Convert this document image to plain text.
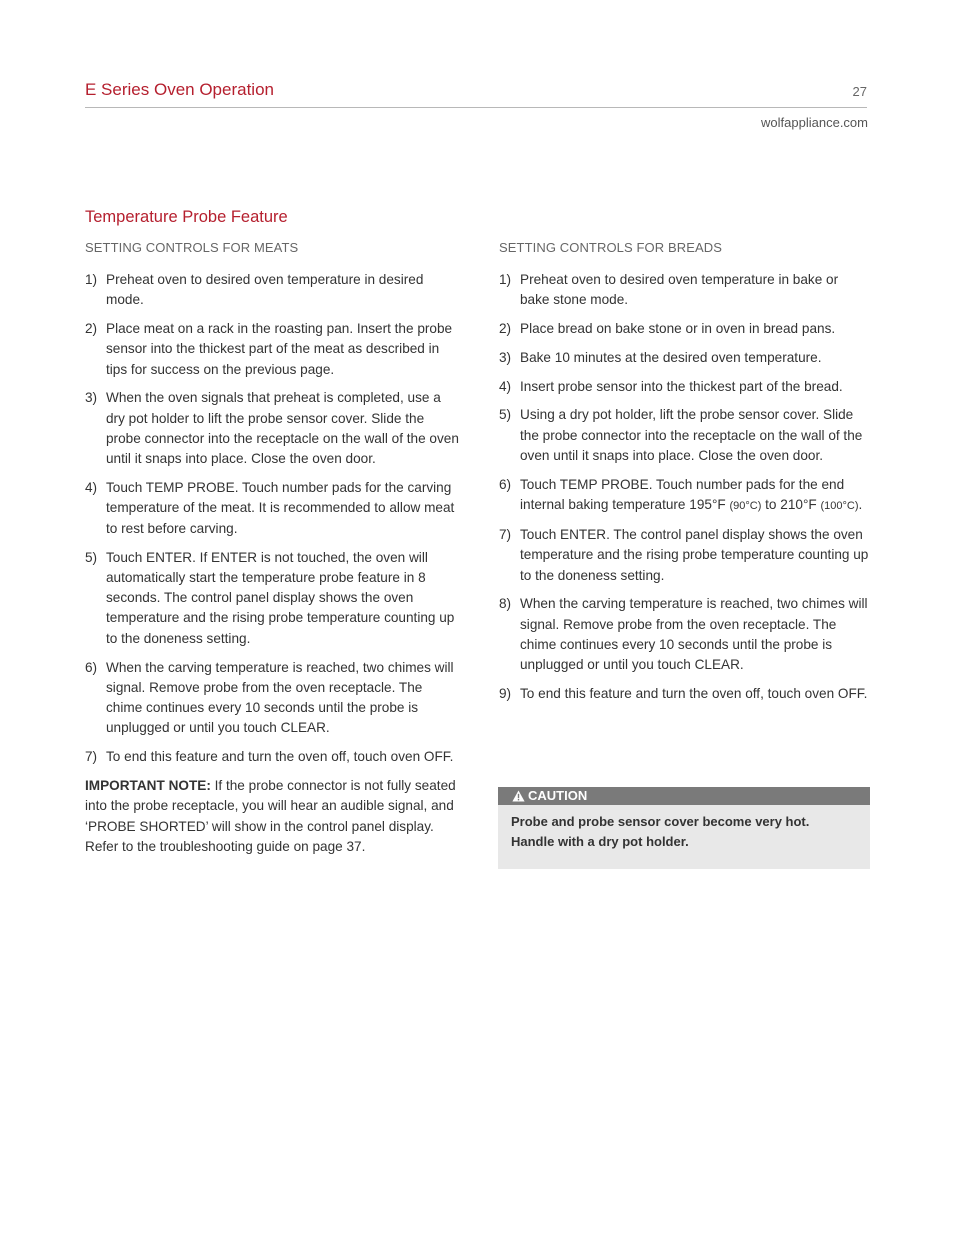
E Series Oven Operation	27
wolfappliance.com
Temperature Probe Feature
SETTING CONTROLS FOR MEATS
1) Preheat oven to desired oven temperature in desired mode.
2) Place meat on a rack in the roasting pan. Insert the probe sensor into the thickest part of the meat as described in tips for success on the previous page.
3) When the oven signals that preheat is completed, use a dry pot holder to lift the probe sensor cover. Slide the probe connector into the receptacle on the wall of the oven until it snaps into place. Close the oven door.
4) Touch TEMP PROBE. Touch number pads for the carving temperature of the meat. It is recommended to allow meat to rest before carving.
5) Touch ENTER. If ENTER is not touched, the oven will automatically start the temperature probe feature in 8 seconds. The control panel display shows the oven temperature and the rising probe temperature counting up to the doneness setting.
6) When the carving temperature is reached, two chimes will signal. Remove probe from the oven receptacle. The chime continues every 10 seconds until the probe is unplugged or until you touch CLEAR.
7) To end this feature and turn the oven off, touch oven OFF.
IMPORTANT NOTE: If the probe connector is not fully seated into the probe receptacle, you will hear an audible signal, and ‘PROBE SHORTED’ will show in the control panel display. Refer to the troubleshooting guide on page 37.
SETTING CONTROLS FOR BREADS
1) Preheat oven to desired oven temperature in bake or bake stone mode.
2) Place bread on bake stone or in oven in bread pans.
3) Bake 10 minutes at the desired oven temperature.
4) Insert probe sensor into the thickest part of the bread.
5) Using a dry pot holder, lift the probe sensor cover. Slide the probe connector into the receptacle on the wall of the oven until it snaps into place. Close the oven door.
6) Touch TEMP PROBE. Touch number pads for the end internal baking temperature 195°F (90°C) to 210°F (100°C).
7) Touch ENTER. The control panel display shows the oven temperature and the rising probe temperature counting up to the doneness setting.
8) When the carving temperature is reached, two chimes will signal. Remove probe from the oven receptacle. The chime continues every 10 seconds until the probe is unplugged or until you touch CLEAR.
9) To end this feature and turn the oven off, touch oven OFF.
CAUTION
Probe and probe sensor cover become very hot. Handle with a dry pot holder.
